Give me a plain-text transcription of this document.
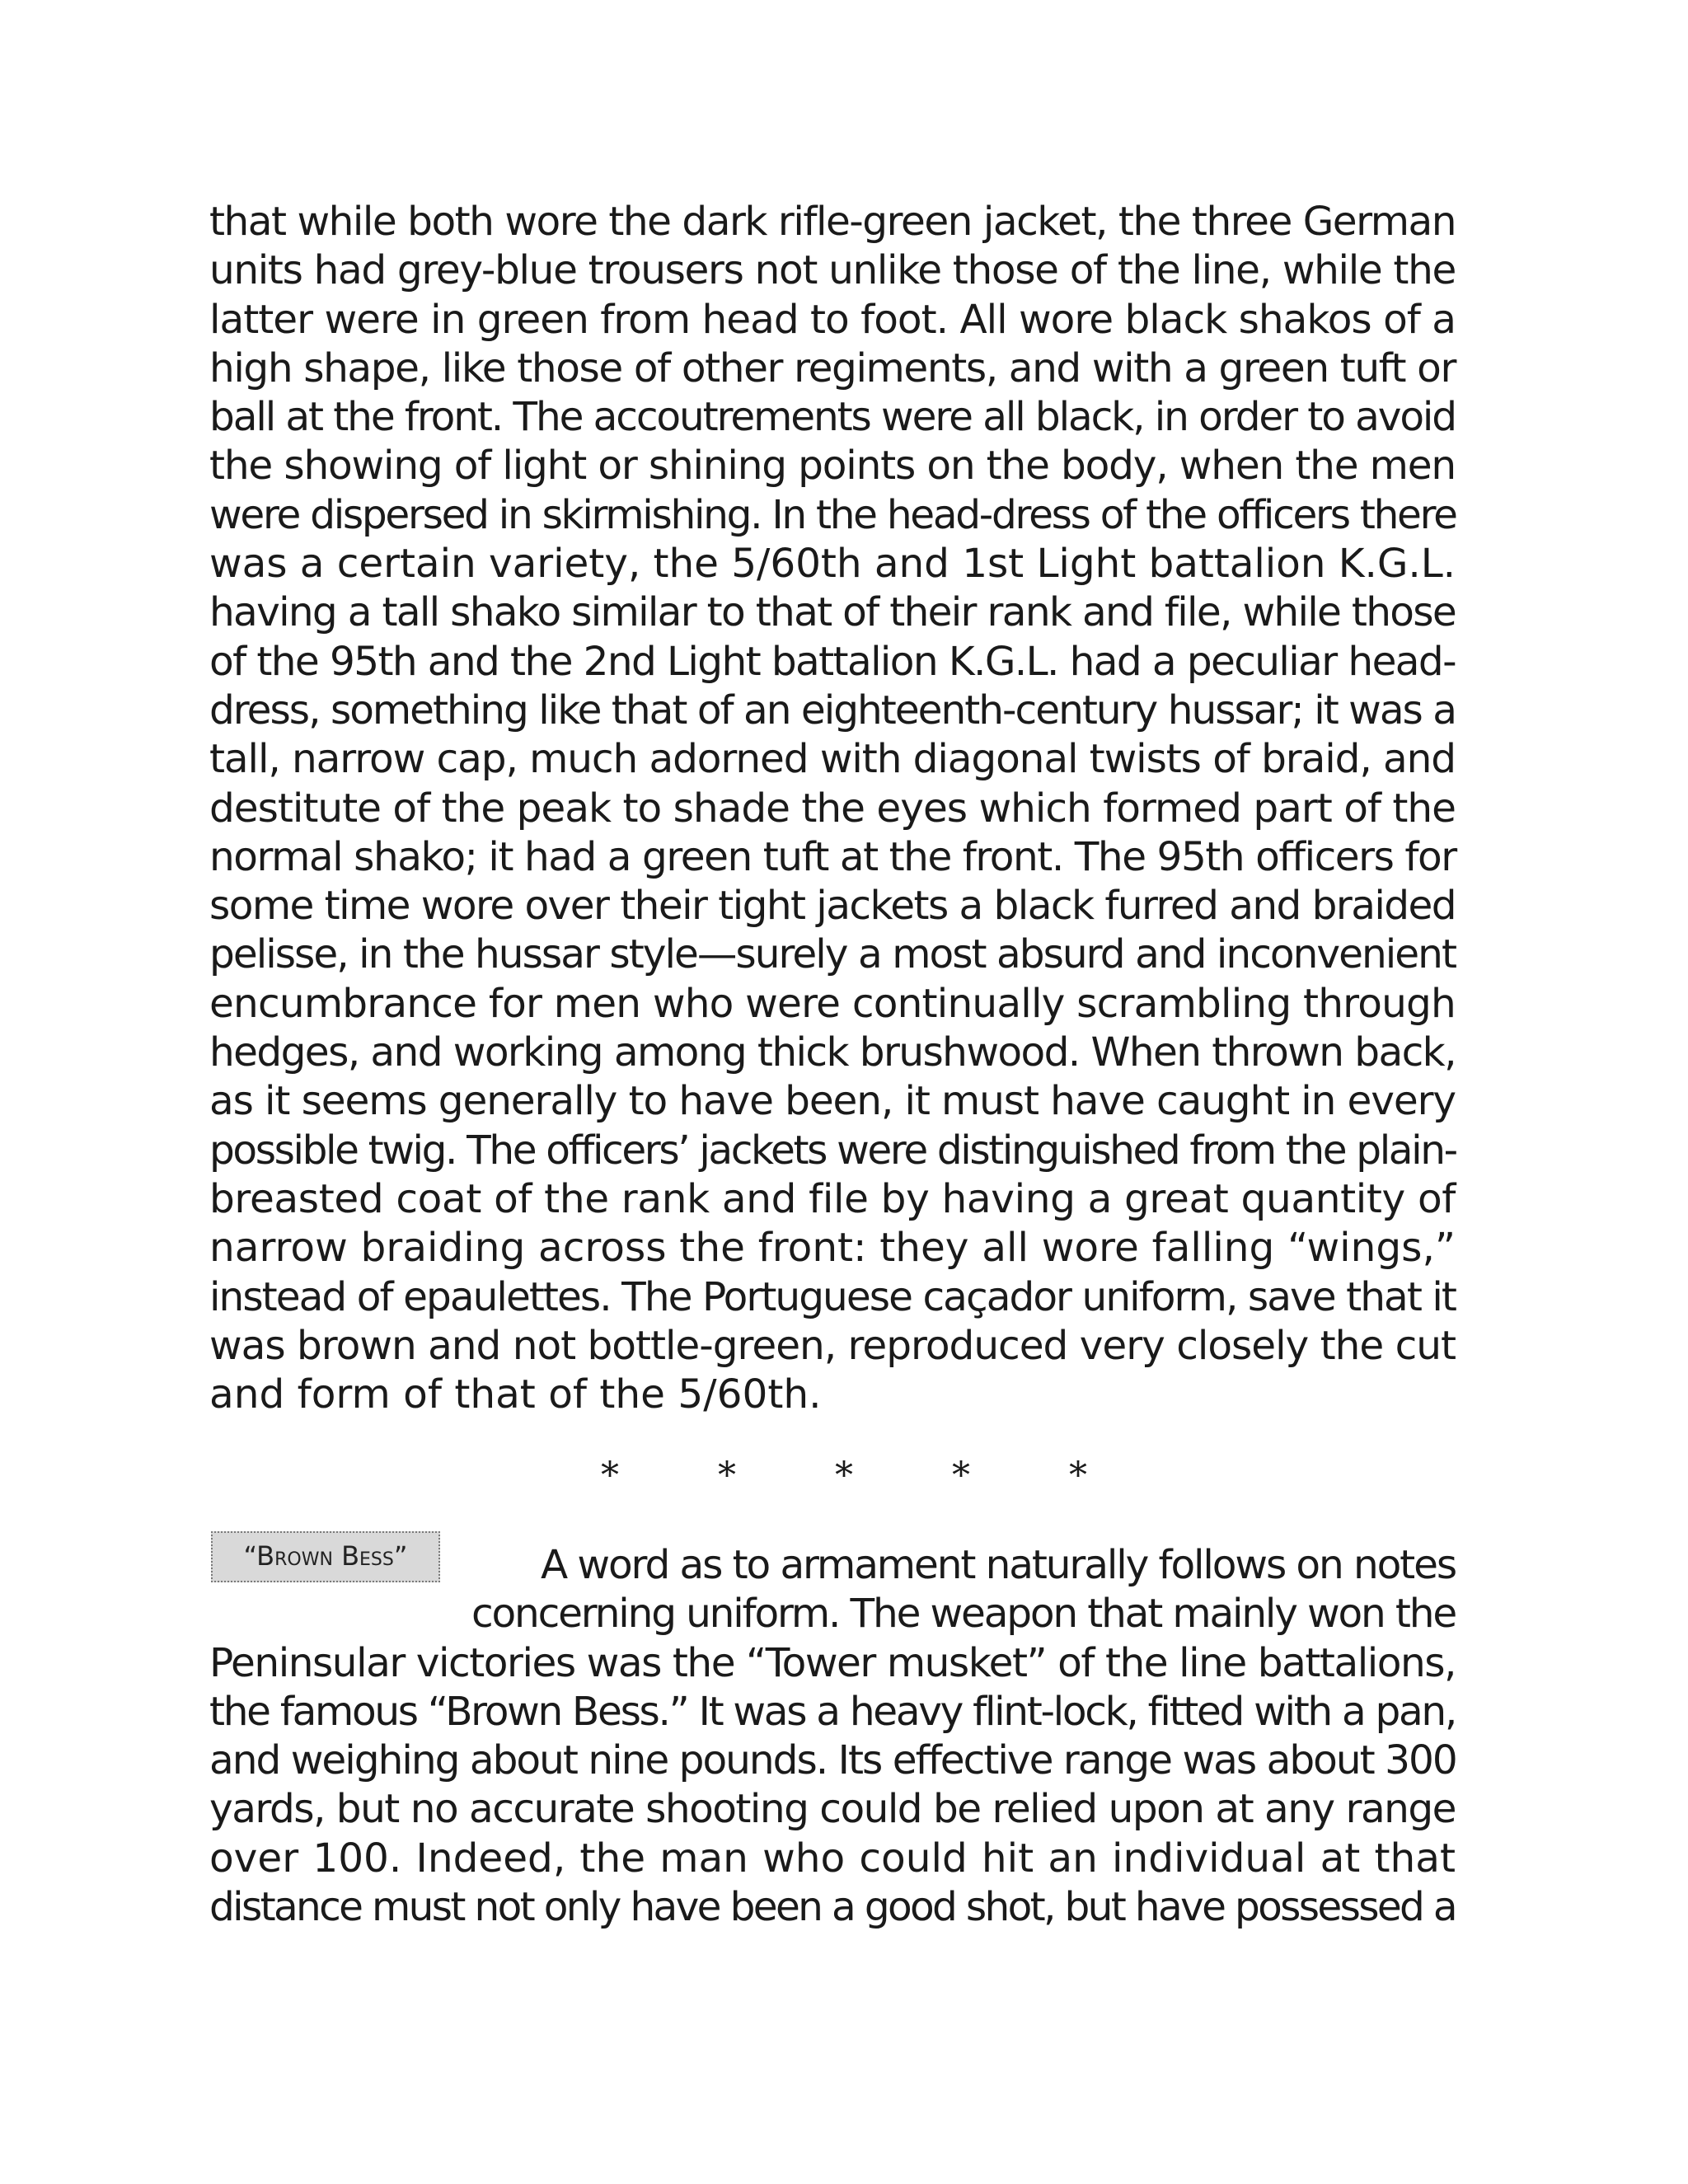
that while both wore the dark rifle-green jacket, the three German
units had grey-blue trousers not unlike those of the line, while the
latter were in green from head to foot. All wore black shakos of a
high shape, like those of other regiments, and with a green tuft or
ball at the front. The accoutrements were all black, in order to avoid
the showing of light or shining points on the body, when the men
were dispersed in skirmishing. In the head-dress of the officers there
was a certain variety, the 5/60th and 1st Light battalion K.G.L.
having a tall shako similar to that of their rank and file, while those
of the 95th and the 2nd Light battalion K.G.L. had a peculiar head-
dress, something like that of an eighteenth-century hussar; it was a
tall, narrow cap, much adorned with diagonal twists of braid, and
destitute of the peak to shade the eyes which formed part of the
normal shako; it had a green tuft at the front. The 95th officers for
some time wore over their tight jackets a black furred and braided
pelisse, in the hussar style—surely a most absurd and inconvenient
encumbrance for men who were continually scrambling through
hedges, and working among thick brushwood. When thrown back,
as it seems generally to have been, it must have caught in every
possible twig. The officers’ jackets were distinguished from the plain-
breasted coat of the rank and file by having a great quantity of
narrow braiding across the front: they all wore falling “wings,”
instead of epaulettes. The Portuguese caçador uniform, save that it
was brown and not bottle-green, reproduced very closely the cut
and form of that of the 5/60th.
*	*	*	*	*
“Brown Bess”	A word as to armament naturally follows on notes
concerning uniform. The weapon that mainly won the
Peninsular victories was the “Tower musket” of the line battalions,
the famous “Brown Bess.” It was a heavy flint-lock, fitted with a pan,
and weighing about nine pounds. Its effective range was about 300
yards, but no accurate shooting could be relied upon at any range
over 100. Indeed, the man who could hit an individual at that
distance must not only have been a good shot, but have possessed a
